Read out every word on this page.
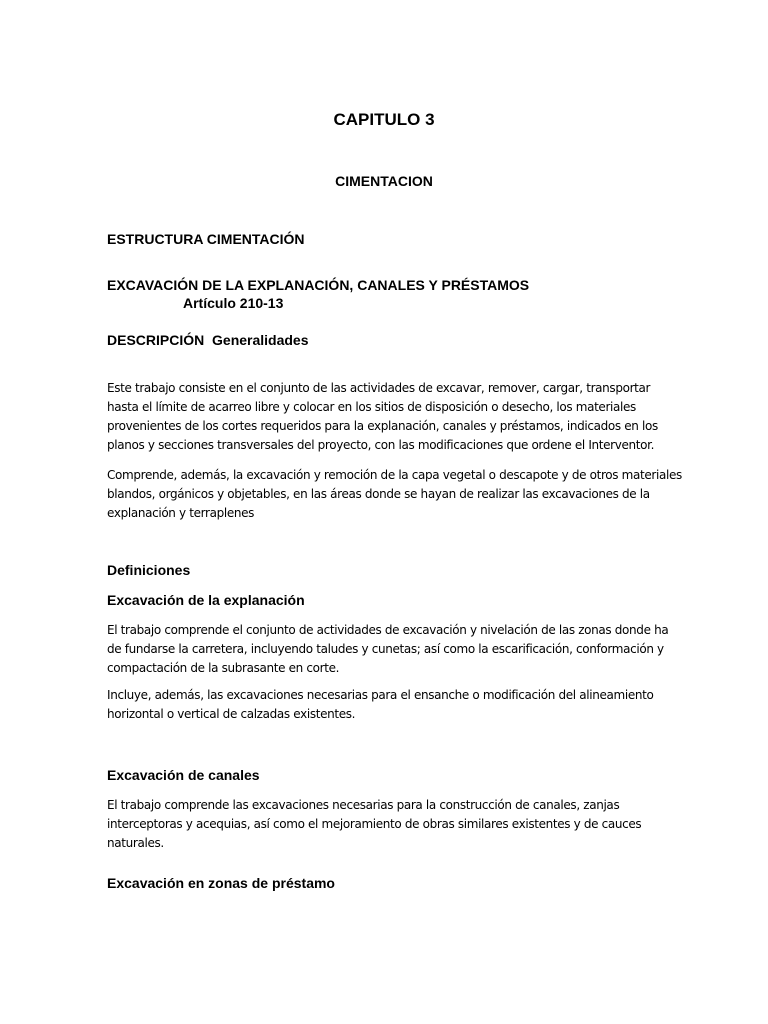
CAPITULO 3
CIMENTACION
ESTRUCTURA CIMENTACIÓN
EXCAVACIÓN DE LA EXPLANACIÓN, CANALES Y PRÉSTAMOS
Artículo 210-13
DESCRIPCIÓN  Generalidades

Este trabajo consiste en el conjunto de las actividades de excavar, remover, cargar, transportar hasta el límite de acarreo libre y colocar en los sitios de disposición o desecho, los materiales provenientes de los cortes requeridos para la explanación, canales y préstamos, indicados en los planos y secciones transversales del proyecto, con las modificaciones que ordene el Interventor.

Comprende, además, la excavación y remoción de la capa vegetal o descapote y de otros materiales blandos, orgánicos y objetables, en las áreas donde se hayan de realizar las excavaciones de la explanación y terraplenes

Definiciones
Excavación de la explanación

El trabajo comprende el conjunto de actividades de excavación y nivelación de las zonas donde ha de fundarse la carretera, incluyendo taludes y cunetas; así como la escarificación, conformación y compactación de la subrasante en corte.

Incluye, además, las excavaciones necesarias para el ensanche o modificación del alineamiento horizontal o vertical de calzadas existentes.

Excavación de canales

El trabajo comprende las excavaciones necesarias para la construcción de canales, zanjas interceptoras y acequias, así como el mejoramiento de obras similares existentes y de cauces naturales.

Excavación en zonas de préstamo
